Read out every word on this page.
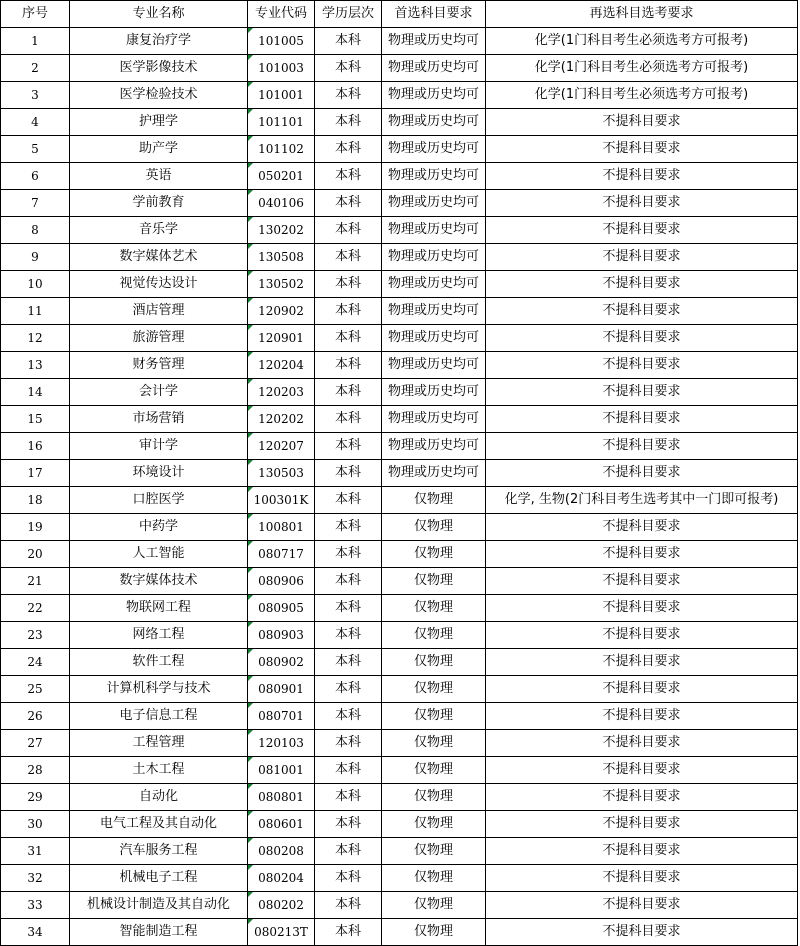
序号	专业名称	专业代码	学历层次	首选科目要求	再选科目选考要求
1	康复治疗学	101005	本科	物理或历史均可	化学(1门科目考生必须选考方可报考)
2	医学影像技术	101003	本科	物理或历史均可	化学(1门科目考生必须选考方可报考)
3	医学检验技术	101001	本科	物理或历史均可	化学(1门科目考生必须选考方可报考)
4	护理学	101101	本科	物理或历史均可	不提科目要求
5	助产学	101102	本科	物理或历史均可	不提科目要求
6	英语	050201	本科	物理或历史均可	不提科目要求
7	学前教育	040106	本科	物理或历史均可	不提科目要求
8	音乐学	130202	本科	物理或历史均可	不提科目要求
9	数字媒体艺术	130508	本科	物理或历史均可	不提科目要求
10	视觉传达设计	130502	本科	物理或历史均可	不提科目要求
11	酒店管理	120902	本科	物理或历史均可	不提科目要求
12	旅游管理	120901	本科	物理或历史均可	不提科目要求
13	财务管理	120204	本科	物理或历史均可	不提科目要求
14	会计学	120203	本科	物理或历史均可	不提科目要求
15	市场营销	120202	本科	物理或历史均可	不提科目要求
16	审计学	120207	本科	物理或历史均可	不提科目要求
17	环境设计	130503	本科	物理或历史均可	不提科目要求
18	口腔医学	100301K	本科	仅物理	化学, 生物(2门科目考生选考其中一门即可报考)
19	中药学	100801	本科	仅物理	不提科目要求
20	人工智能	080717	本科	仅物理	不提科目要求
21	数字媒体技术	080906	本科	仅物理	不提科目要求
22	物联网工程	080905	本科	仅物理	不提科目要求
23	网络工程	080903	本科	仅物理	不提科目要求
24	软件工程	080902	本科	仅物理	不提科目要求
25	计算机科学与技术	080901	本科	仅物理	不提科目要求
26	电子信息工程	080701	本科	仅物理	不提科目要求
27	工程管理	120103	本科	仅物理	不提科目要求
28	土木工程	081001	本科	仅物理	不提科目要求
29	自动化	080801	本科	仅物理	不提科目要求
30	电气工程及其自动化	080601	本科	仅物理	不提科目要求
31	汽车服务工程	080208	本科	仅物理	不提科目要求
32	机械电子工程	080204	本科	仅物理	不提科目要求
33	机械设计制造及其自动化	080202	本科	仅物理	不提科目要求
34	智能制造工程	080213T	本科	仅物理	不提科目要求
